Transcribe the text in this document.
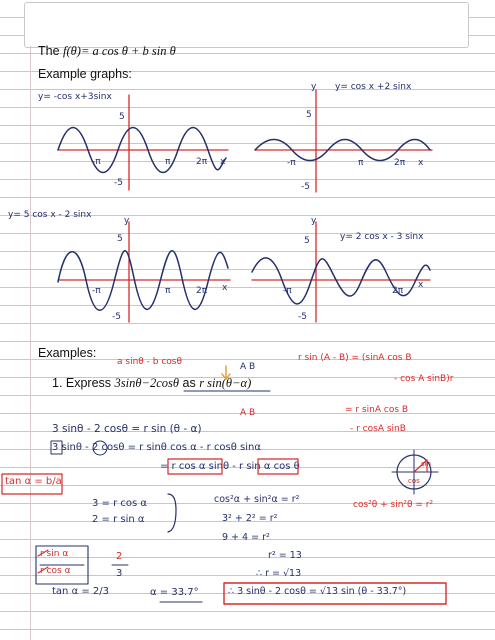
The f(θ)= a cos θ + b sin θ
Example graphs:
y= -cos x+3sinx
y= cos x +2 sinx
y= 5 cos x - 2 sinx
y= 2 cos x - 3 sinx
5
-5
-π	π	2π x
y
5
-5
-π	π	2π x
y
5
-5
-π	π	2π x
y
5
-5
-π	2π
x
Examples:
a sinθ - b cosθ	A B
r sin (A - B) = (sinA cos B
- cos A sinB)r
1. Express 3sinθ−2cosθ as r sin(θ−α)
A B	= r sinA cos B
- r cosA sinB
3 sinθ - 2 cosθ = r sin (θ - α)
3 sinθ - 2 cosθ = r sinθ cos α - r cosθ sinα
= r cos α sinθ - r sin α cos θ
tan α = b/a
3 = r cos α
2 = r sin α
cos²α + sin²α = r²
3² + 2² = r²
9 + 4 = r²
r² = 13
∴ r = √13
cos²θ + sin²θ = r²
sin
cos
r sin α
r cos α
2
3
tan α = 2/3	α = 33.7°	∴ 3 sinθ - 2 cosθ = √13 sin (θ - 33.7°)
